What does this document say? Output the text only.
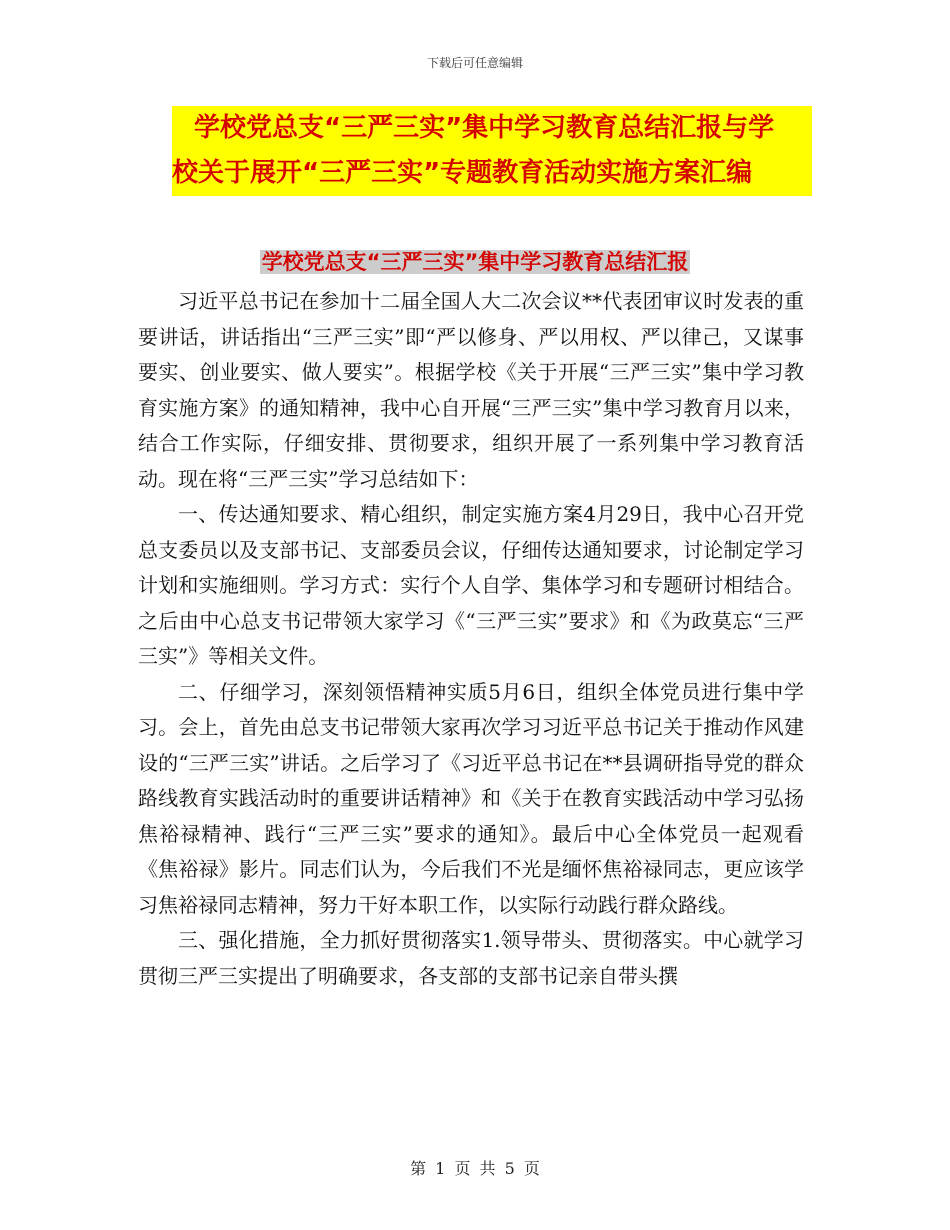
下载后可任意编辑
学校党总支“三严三实”集中学习教育总结汇报与学
校关于展开“三严三实”专题教育活动实施方案汇编
学校党总支“三严三实”集中学习教育总结汇报

习近平总书记在参加十二届全国人大二次会议**代表团审议时发表的重要讲话，讲话指出“三严三实”即“严以修身、严以用权、严以律己，又谋事要实、创业要实、做人要实”。根据学校《关于开展“三严三实”集中学习教育实施方案》的通知精神，我中心自开展“三严三实”集中学习教育月以来，结合工作实际，仔细安排、贯彻要求，组织开展了一系列集中学习教育活动。现在将“三严三实”学习总结如下：

一、传达通知要求、精心组织，制定实施方案4月29日，我中心召开党总支委员以及支部书记、支部委员会议，仔细传达通知要求，讨论制定学习计划和实施细则。学习方式：实行个人自学、集体学习和专题研讨相结合。之后由中心总支书记带领大家学习《“三严三实”要求》和《为政莫忘“三严三实”》等相关文件。

二、仔细学习，深刻领悟精神实质5月6日，组织全体党员进行集中学习。会上，首先由总支书记带领大家再次学习习近平总书记关于推动作风建设的“三严三实”讲话。之后学习了《习近平总书记在**县调研指导党的群众路线教育实践活动时的重要讲话精神》和《关于在教育实践活动中学习弘扬焦裕禄精神、践行“三严三实”要求的通知》。最后中心全体党员一起观看《焦裕禄》影片。同志们认为，今后我们不光是缅怀焦裕禄同志，更应该学习焦裕禄同志精神，努力干好本职工作，以实际行动践行群众路线。

三、强化措施，全力抓好贯彻落实1.领导带头、贯彻落实。中心就学习贯彻三严三实提出了明确要求，各支部的支部书记亲自带头撰

第 1 页 共 5 页
